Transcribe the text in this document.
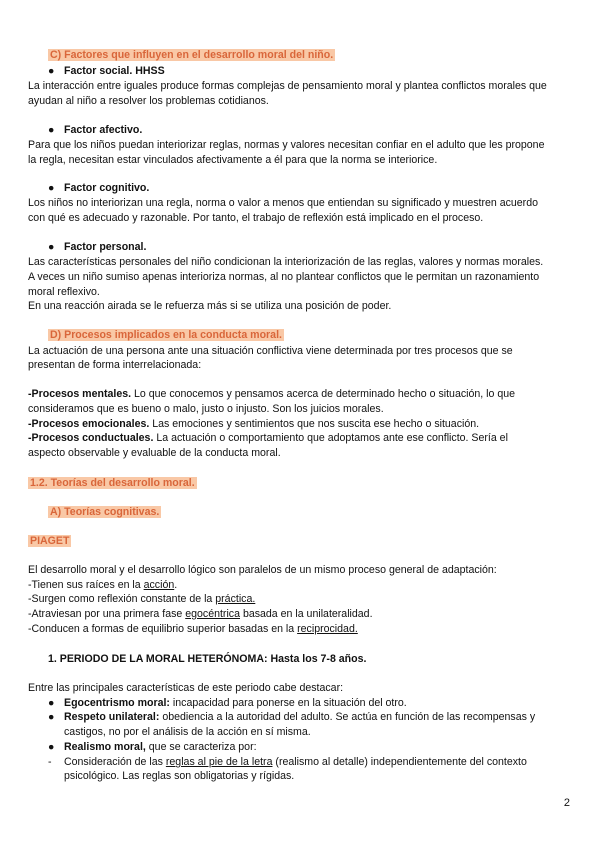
C) Factores que influyen en el desarrollo moral del niño.
● Factor social. HHSS
La interacción entre iguales produce formas complejas de pensamiento moral y plantea conflictos morales que
ayudan al niño a resolver los problemas cotidianos.
● Factor afectivo.
Para que los niños puedan interiorizar reglas, normas y valores necesitan confiar en el adulto que les propone
la regla, necesitan estar vinculados afectivamente a él para que la norma se interiorice.
● Factor cognitivo.
Los niños no interiorizan una regla, norma o valor a menos que entiendan su significado y muestren acuerdo
con qué es adecuado y razonable. Por tanto, el trabajo de reflexión está implicado en el proceso.
● Factor personal.
Las características personales del niño condicionan la interiorización de las reglas, valores y normas morales.
A veces un niño sumiso apenas interioriza normas, al no plantear conflictos que le permitan un razonamiento
moral reflexivo.
En una reacción airada se le refuerza más si se utiliza una posición de poder.
D) Procesos implicados en la conducta moral.
La actuación de una persona ante una situación conflictiva viene determinada por tres procesos que se
presentan de forma interrelacionada:
-Procesos mentales. Lo que conocemos y pensamos acerca de determinado hecho o situación, lo que
consideramos que es bueno o malo, justo o injusto. Son los juicios morales.
-Procesos emocionales. Las emociones y sentimientos que nos suscita ese hecho o situación.
-Procesos conductuales. La actuación o comportamiento que adoptamos ante ese conflicto. Sería el
aspecto observable y evaluable de la conducta moral.
1.2. Teorías del desarrollo moral.
A) Teorías cognitivas.
PIAGET
El desarrollo moral y el desarrollo lógico son paralelos de un mismo proceso general de adaptación:
-Tienen sus raíces en la acción.
-Surgen como reflexión constante de la práctica.
-Atraviesan por una primera fase egocéntrica basada en la unilateralidad.
-Conducen a formas de equilibrio superior basadas en la reciprocidad.
1. PERIODO DE LA MORAL HETERÓNOMA: Hasta los 7-8 años.
Entre las principales características de este periodo cabe destacar:
● Egocentrismo moral: incapacidad para ponerse en la situación del otro.
● Respeto unilateral: obediencia a la autoridad del adulto. Se actúa en función de las recompensas y
castigos, no por el análisis de la acción en sí misma.
● Realismo moral, que se caracteriza por:
- Consideración de las reglas al pie de la letra (realismo al detalle) independientemente del contexto
psicológico. Las reglas son obligatorias y rígidas.
2
